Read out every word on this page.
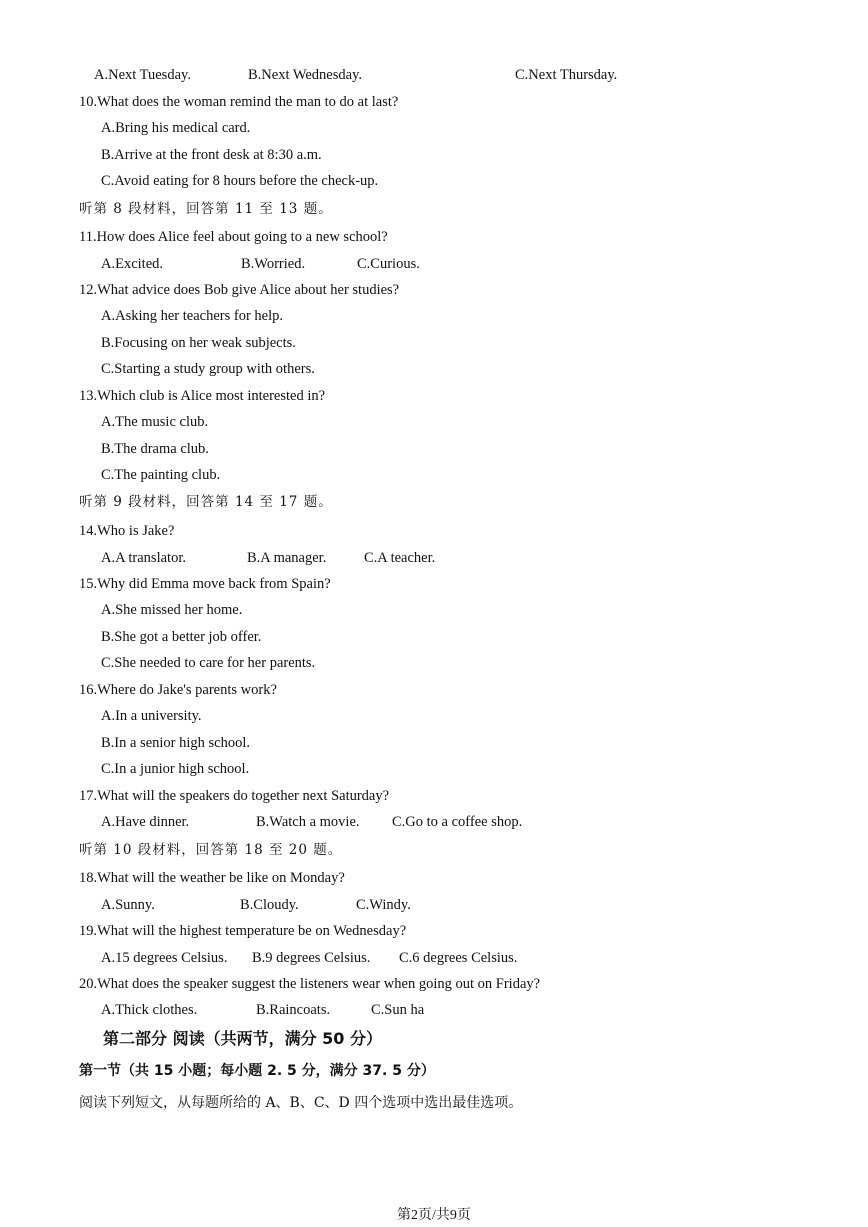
A.Next Tuesday.	B.Next Wednesday.	C.Next Thursday.
10.What does the woman remind the man to do at last?
A.Bring his medical card.
B.Arrive at the front desk at 8:30 a.m.
C.Avoid eating for 8 hours before the check-up.
听第 8 段材料，回答第 11 至 13 题。
11.How does Alice feel about going to a new school?
A.Excited.	B.Worried.	C.Curious.
12.What advice does Bob give Alice about her studies?
A.Asking her teachers for help.
B.Focusing on her weak subjects.
C.Starting a study group with others.
13.Which club is Alice most interested in?
A.The music club.
B.The drama club.
C.The painting club.
听第 9 段材料，回答第 14 至 17 题。
14.Who is Jake?
A.A translator.	B.A manager.	C.A teacher.
15.Why did Emma move back from Spain?
A.She missed her home.
B.She got a better job offer.
C.She needed to care for her parents.
16.Where do Jake's parents work?
A.In a university.
B.In a senior high school.
C.In a junior high school.
17.What will the speakers do together next Saturday?
A.Have dinner.	B.Watch a movie. C.Go to a coffee shop.
听第 10 段材料，回答第 18 至 20 题。
18.What will the weather be like on Monday?
A.Sunny.	B.Cloudy.	C.Windy.
19.What will the highest temperature be on Wednesday?
A.15 degrees Celsius. B.9 degrees Celsius. C.6 degrees Celsius.
20.What does the speaker suggest the listeners wear when going out on Friday?
A.Thick clothes.	B.Raincoats.	C.Sun ha
第二部分 阅读（共两节，满分 50 分）
第一节（共 15 小题；每小题 2. 5 分，满分 37. 5 分）
阅读下列短文，从每题所给的 A、B、C、D 四个选项中选出最佳选项。
第2页/共9页
